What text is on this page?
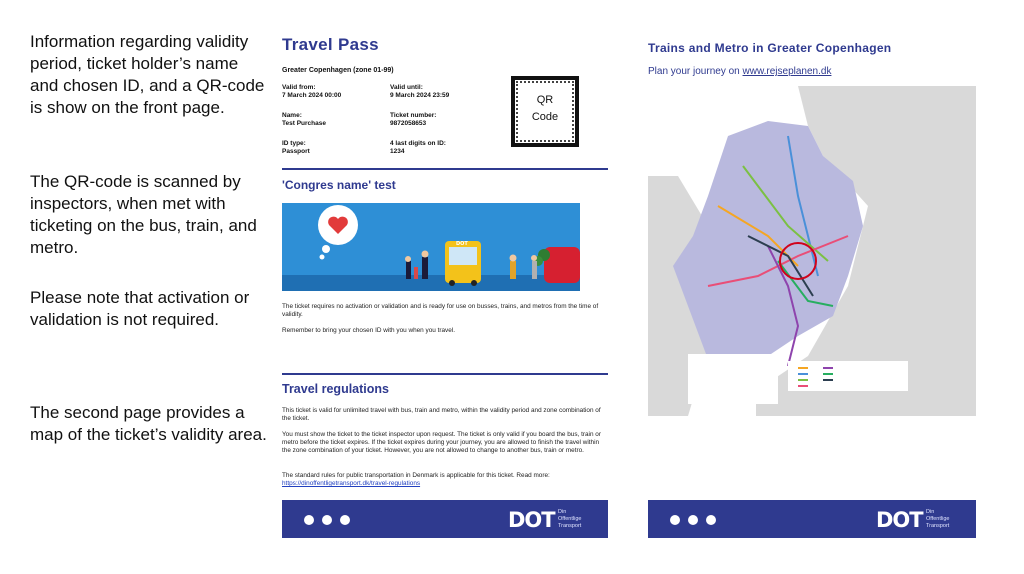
Information regarding validity period, ticket holder’s name and chosen ID, and a QR-code is show on the front page.

The QR-code is scanned by inspectors, when met with ticketing on the bus, train, and metro.

Please note that activation or validation is not required.

The second page provides a map of the ticket’s validity area.

Travel Pass
Greater Copenhagen (zone 01-99)
Valid from:
7 March 2024 00:00
Valid until:
9 March 2024 23:59
Name:
Test Purchase
Ticket number:
9872058653
ID type:
Passport
4 last digits on ID:
1234
QR
Code
'Congres name' test
DOT

The ticket requires no activation or validation and is ready for use on busses, trains, and metros from the time of validity.

Remember to bring your chosen ID with you when you travel.

Travel regulations

This ticket is valid for unlimited travel with bus, train and metro, within the validity period and zone combination of the ticket.

You must show the ticket to the ticket inspector upon request. The ticket is only valid if you board the bus, train or metro before the ticket expires. If the ticket expires during your journey, you are allowed to finish the travel within the zone combination of your ticket. However, you are not allowed to change to another bus, train or metro.

The standard rules for public transportation in Denmark is applicable for this ticket. Read more: https://dinoffentligetransport.dk/travel-regulations

DOT Din
Offentlige
Transport
Trains and Metro in Greater Copenhagen
Plan your journey on www.rejseplanen.dk
DOT Din
Offentlige
Transport
